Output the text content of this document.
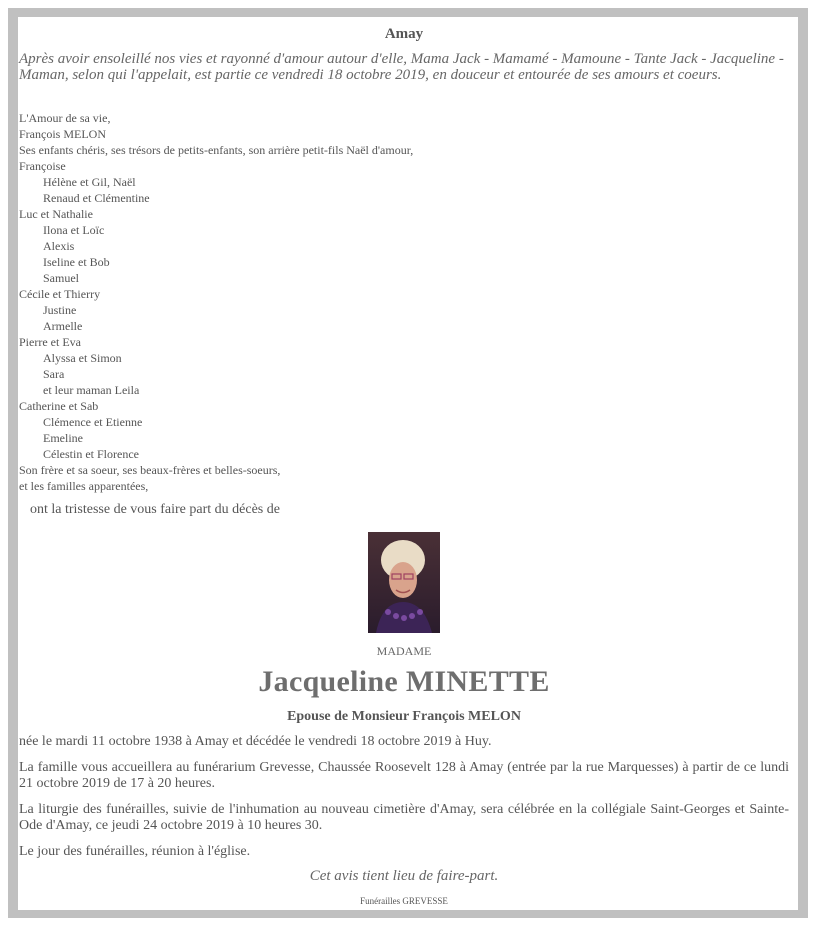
Amay
Après avoir ensoleillé nos vies et rayonné d'amour autour d'elle, Mama Jack - Mamamé - Mamoune - Tante Jack - Jacqueline - Maman, selon qui l'appelait, est partie ce vendredi 18 octobre 2019, en douceur et entourée de ses amours et coeurs.
L'Amour de sa vie,
François MELON
Ses enfants chéris, ses trésors de petits-enfants, son arrière petit-fils Naël d'amour,
Françoise
Hélène et Gil, Naël
Renaud et Clémentine
Luc et Nathalie
Ilona et Loïc
Alexis
Iseline et Bob
Samuel
Cécile et Thierry
Justine
Armelle
Pierre et Eva
Alyssa et Simon
Sara
et leur maman Leila
Catherine et Sab
Clémence et Etienne
Emeline
Célestin et Florence
Son frère et sa soeur, ses beaux-frères et belles-soeurs,
et les familles apparentées,
ont la tristesse de vous faire part du décès de
MADAME
Jacqueline MINETTE
Epouse de Monsieur François MELON
née le mardi 11 octobre 1938 à Amay et décédée le vendredi 18 octobre 2019 à Huy.
La famille vous accueillera au funérarium Grevesse, Chaussée Roosevelt 128 à Amay (entrée par la rue Marquesses) à partir de ce lundi 21 octobre 2019 de 17 à 20 heures.
La liturgie des funérailles, suivie de l'inhumation au nouveau cimetière d'Amay, sera célébrée en la collégiale Saint-Georges et Sainte-Ode d'Amay, ce jeudi 24 octobre 2019 à 10 heures 30.
Le jour des funérailles, réunion à l'église.
Cet avis tient lieu de faire-part.
Funérailles GREVESSE
